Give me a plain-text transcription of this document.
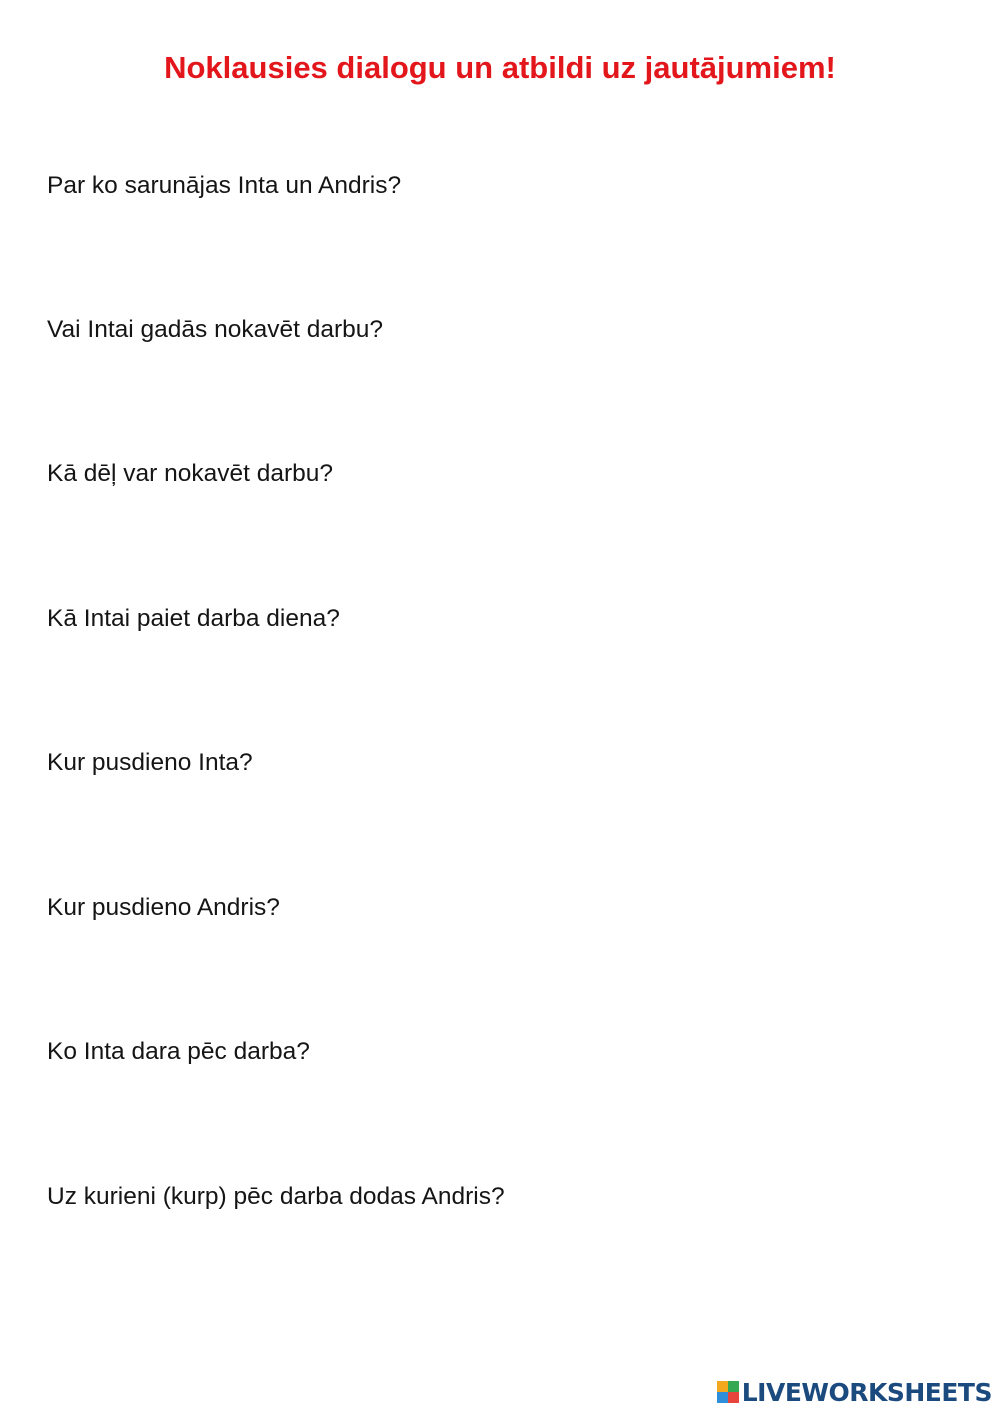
Noklausies dialogu un atbildi uz jautājumiem!

Par ko sarunājas Inta un Andris?

Vai Intai gadās nokavēt darbu?

Kā dēļ var nokavēt darbu?

Kā Intai paiet darba diena?

Kur pusdieno Inta?

Kur pusdieno Andris?

Ko Inta dara pēc darba?

Uz kurieni (kurp) pēc darba dodas Andris?

LIVEWORKSHEETS
